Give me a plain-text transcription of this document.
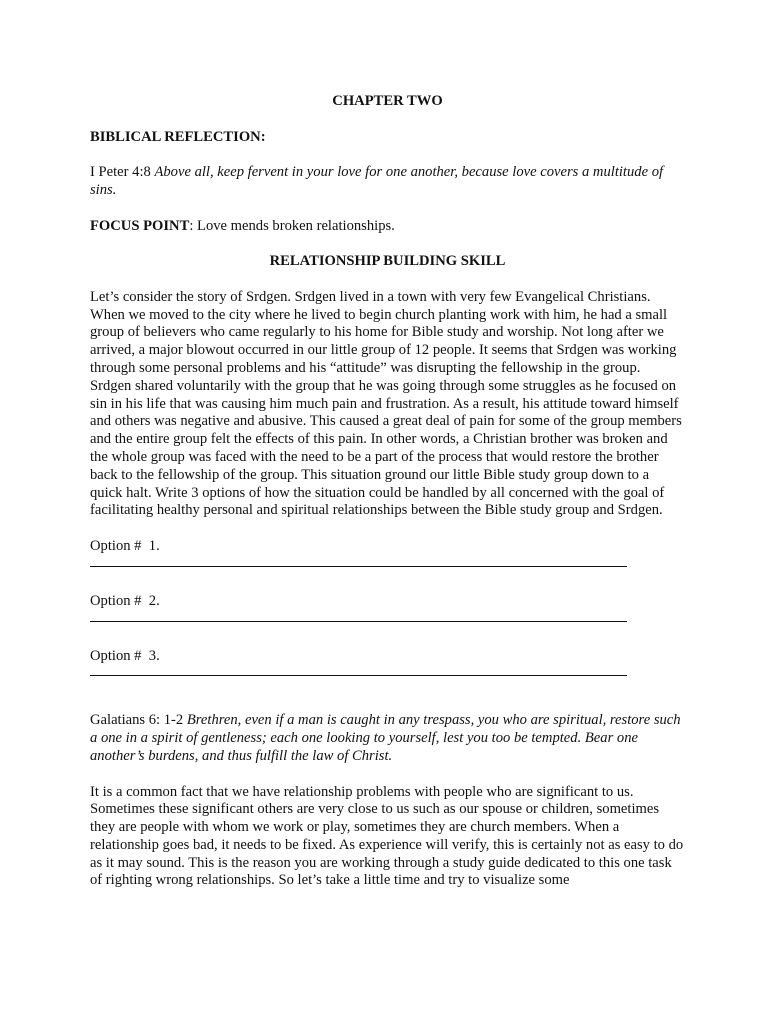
CHAPTER TWO

BIBLICAL REFLECTION:

I Peter 4:8 Above all, keep fervent in your love for one another, because love covers a multitude of sins.

FOCUS POINT: Love mends broken relationships.

RELATIONSHIP BUILDING SKILL

Let’s consider the story of Srdgen. Srdgen lived in a town with very few Evangelical Christians. When we moved to the city where he lived to begin church planting work with him, he had a small group of believers who came regularly to his home for Bible study and worship. Not long after we arrived, a major blowout occurred in our little group of 12 people. It seems that Srdgen was working through some personal problems and his “attitude” was disrupting the fellowship in the group. Srdgen shared voluntarily with the group that he was going through some struggles as he focused on sin in his life that was causing him much pain and frustration. As a result, his attitude toward himself and others was negative and abusive. This caused a great deal of pain for some of the group members and the entire group felt the effects of this pain. In other words, a Christian brother was broken and the whole group was faced with the need to be a part of the process that would restore the brother back to the fellowship of the group. This situation ground our little Bible study group down to a quick halt. Write 3 options of how the situation could be handled by all concerned with the goal of facilitating healthy personal and spiritual relationships between the Bible study group and Srdgen.

Option #  1.

Option #  2.

Option #  3.

Galatians 6: 1-2 Brethren, even if a man is caught in any trespass, you who are spiritual, restore such a one in a spirit of gentleness; each one looking to yourself, lest you too be tempted. Bear one another’s burdens, and thus fulfill the law of Christ.

It is a common fact that we have relationship problems with people who are significant to us. Sometimes these significant others are very close to us such as our spouse or children, sometimes they are people with whom we work or play, sometimes they are church members. When a relationship goes bad, it needs to be fixed. As experience will verify, this is certainly not as easy to do as it may sound. This is the reason you are working through a study guide dedicated to this one task of righting wrong relationships. So let’s take a little time and try to visualize some
